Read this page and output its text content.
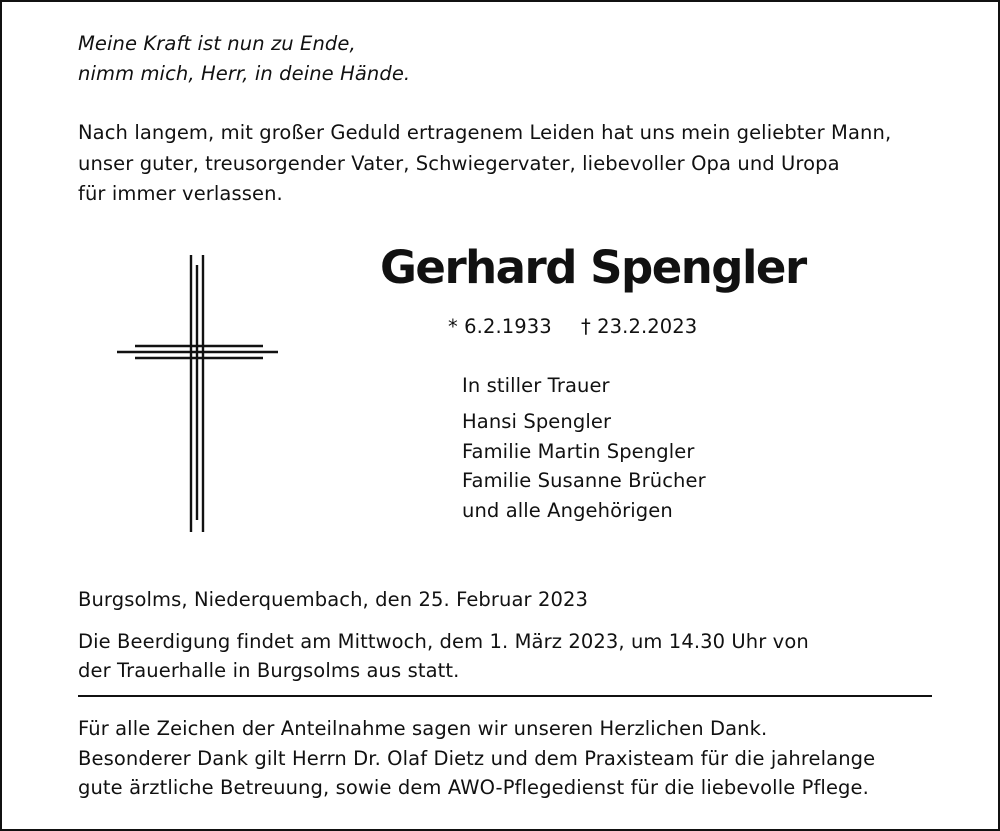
Meine Kraft ist nun zu Ende,

nimm mich, Herr, in deine Hände.

Nach langem, mit großer Geduld ertragenem Leiden hat uns mein geliebter Mann,

unser guter, treusorgender Vater, Schwiegervater, liebevoller Opa und Uropa

für immer verlassen.

Gerhard Spengler

* 6.2.1933 † 23.2.2023

In stiller Trauer

Hansi Spengler

Familie Martin Spengler

Familie Susanne Brücher

und alle Angehörigen

Burgsolms, Niederquembach, den 25. Februar 2023

Die Beerdigung findet am Mittwoch, dem 1. März 2023, um 14.30 Uhr von

der Trauerhalle in Burgsolms aus statt.

Für alle Zeichen der Anteilnahme sagen wir unseren Herzlichen Dank.

Besonderer Dank gilt Herrn Dr. Olaf Dietz und dem Praxisteam für die jahrelange

gute ärztliche Betreuung, sowie dem AWO-Pflegedienst für die liebevolle Pflege.
